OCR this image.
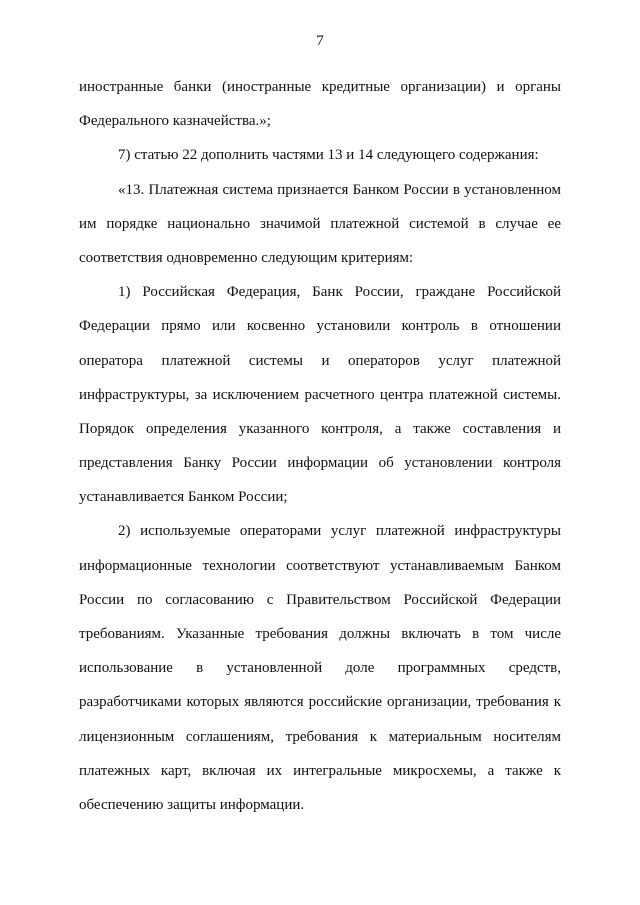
7
иностранные банки (иностранные кредитные организации) и органы
Федерального казначейства.»;
7) статью 22 дополнить частями 13 и 14 следующего содержания:
«13. Платежная система признается Банком России в установленном
им порядке национально значимой платежной системой в случае ее
соответствия одновременно следующим критериям:
1) Российская Федерация, Банк России, граждане Российской
Федерации прямо или косвенно установили контроль в отношении
оператора платежной системы и операторов услуг платежной
инфраструктуры, за исключением расчетного центра платежной системы.
Порядок определения указанного контроля, а также составления и
представления Банку России информации об установлении контроля
устанавливается Банком России;
2) используемые операторами услуг платежной инфраструктуры
информационные технологии соответствуют устанавливаемым Банком
России по согласованию с Правительством Российской Федерации
требованиям. Указанные требования должны включать в том числе
использование в установленной доле программных средств,
разработчиками которых являются российские организации, требования к
лицензионным соглашениям, требования к материальным носителям
платежных карт, включая их интегральные микросхемы, а также к
обеспечению защиты информации.
